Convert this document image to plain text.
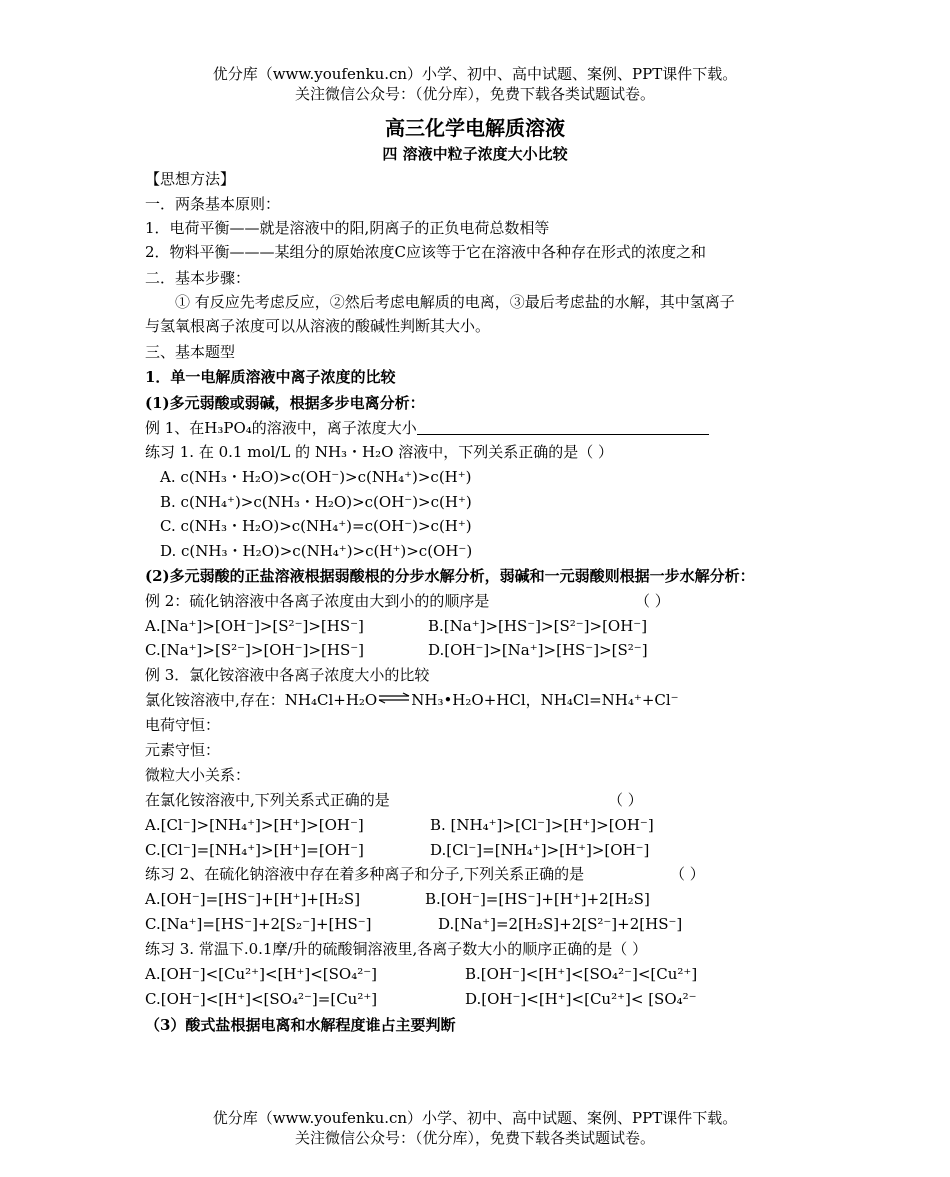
优分库（www.youfenku.cn）小学、初中、高中试题、案例、PPT课件下载。
关注微信公众号：（优分库），免费下载各类试题试卷。
高三化学电解质溶液
四 溶液中粒子浓度大小比较
【思想方法】
一．两条基本原则：
1．电荷平衡——就是溶液中的阳,阴离子的正负电荷总数相等
2．物料平衡———某组分的原始浓度C应该等于它在溶液中各种存在形式的浓度之和
二．基本步骤：
① 有反应先考虑反应，②然后考虑电解质的电离，③最后考虑盐的水解，其中氢离子
与氢氧根离子浓度可以从溶液的酸碱性判断其大小。
三、基本题型
1．单一电解质溶液中离子浓度的比较
(1)多元弱酸或弱碱，根据多步电离分析：
例 1、在H₃PO₄的溶液中，离子浓度大小
练习 1. 在 0.1 mol/L 的 NH₃・H₂O 溶液中，下列关系正确的是（ ）
A. c(NH₃・H₂O)>c(OH⁻)>c(NH₄⁺)>c(H⁺)
B. c(NH₄⁺)>c(NH₃・H₂O)>c(OH⁻)>c(H⁺)
C. c(NH₃・H₂O)>c(NH₄⁺)=c(OH⁻)>c(H⁺)
D. c(NH₃・H₂O)>c(NH₄⁺)>c(H⁺)>c(OH⁻)
(2)多元弱酸的正盐溶液根据弱酸根的分步水解分析，弱碱和一元弱酸则根据一步水解分析：
例 2：硫化钠溶液中各离子浓度由大到小的的顺序是	（ ）
A.[Na⁺]>[OH⁻]>[S²⁻]>[HS⁻]	B.[Na⁺]>[HS⁻]>[S²⁻]>[OH⁻]
C.[Na⁺]>[S²⁻]>[OH⁻]>[HS⁻]	D.[OH⁻]>[Na⁺]>[HS⁻]>[S²⁻]
例 3．氯化铵溶液中各离子浓度大小的比较
氯化铵溶液中,存在：NH₄Cl+H₂O⇌NH₃•H₂O+HCl，NH₄Cl=NH₄⁺+Cl⁻
电荷守恒：
元素守恒：
微粒大小关系：
在氯化铵溶液中,下列关系式正确的是	（ ）
A.[Cl⁻]>[NH₄⁺]>[H⁺]>[OH⁻]	B. [NH₄⁺]>[Cl⁻]>[H⁺]>[OH⁻]
C.[Cl⁻]=[NH₄⁺]>[H⁺]=[OH⁻]	D.[Cl⁻]=[NH₄⁺]>[H⁺]>[OH⁻]
练习 2、在硫化钠溶液中存在着多种离子和分子,下列关系正确的是	（ ）
A.[OH⁻]=[HS⁻]+[H⁺]+[H₂S]	B.[OH⁻]=[HS⁻]+[H⁺]+2[H₂S]
C.[Na⁺]=[HS⁻]+2[S₂⁻]+[HS⁻]	D.[Na⁺]=2[H₂S]+2[S²⁻]+2[HS⁻]
练习 3. 常温下.0.1摩/升的硫酸铜溶液里,各离子数大小的顺序正确的是（ ）
A.[OH⁻]<[Cu²⁺]<[H⁺]<[SO₄²⁻]	B.[OH⁻]<[H⁺]<[SO₄²⁻]<[Cu²⁺]
C.[OH⁻]<[H⁺]<[SO₄²⁻]=[Cu²⁺]	D.[OH⁻]<[H⁺]<[Cu²⁺]< [SO₄²⁻
（3）酸式盐根据电离和水解程度谁占主要判断
优分库（www.youfenku.cn）小学、初中、高中试题、案例、PPT课件下载。
关注微信公众号：（优分库），免费下载各类试题试卷。
